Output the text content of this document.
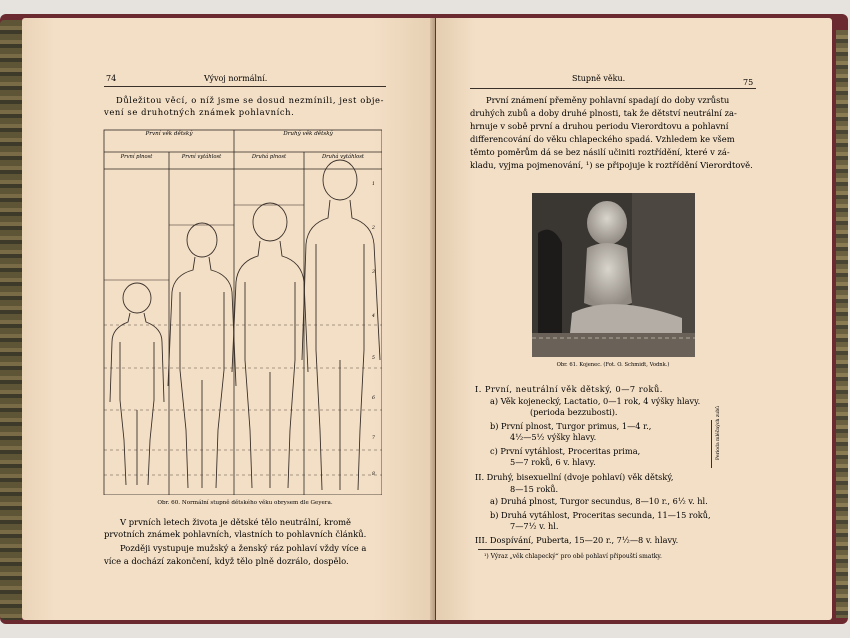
74	Vývoj normální.
Důležitou věcí, o níž jsme se dosud nezmínili, jest obje-
vení se druhotných známek pohlavních.
První věk dětský	Druhý věk dětský
První plnost	První vytáhlost	Druhá plnost	Druhá vytáhlost
1
2
3
4
5
6
7
8
Obr. 60. Normální stupně dětského věku obrysem dle Geyera.
V prvních letech života je dětské tělo neutrální, kromě
prvotních známek pohlavních, vlastních to pohlavních článků.
Později vystupuje mužský a ženský ráz pohlaví vždy více a
více a dochází zakončení, když tělo plně dozrálo, dospělo.
Stupně věku.	75
První známení přeměny pohlavní spadají do doby vzrůstu
druhých zubů a doby druhé plnosti, tak že dětství neutrální za-
hrnuje v sobě první a druhou periodu Vierordtovu a pohlavní
differencování do věku chlapeckého spadá. Vzhledem ke všem
těmto poměrům dá se bez násilí učiniti roztřídění, které v zá-
kladu, vyjma pojmenování, ¹) se připojuje k roztřídění Vierordtově.
Obr. 61. Kojenec. (Fot. O. Schmidt, Vodnk.)
I. První, neutrální věk dětský, 0—7 roků.
a) Věk kojenecký, Lactatio, 0—1 rok, 4 výšky hlavy.
(perioda bezzubosti).
b) První plnost, Turgor primus, 1—4 r.,
4½—5½ výšky hlavy.
c) První vytáhlost, Proceritas prima,
5—7 roků, 6 v. hlavy.
II. Druhý, bisexuellní (dvoje pohlaví) věk dětský,
8—15 roků.
a) Druhá plnost, Turgor secundus, 8—10 r., 6½ v. hl.
b) Druhá vytáhlost, Proceritas secunda, 11—15 roků,
7—7½ v. hl.
III. Dospívání, Puberta, 15—20 r., 7½—8 v. hlavy.
Perioda mléčných zubů
¹) Výraz „věk chlapecký“ pro obě pohlaví připouští smatky.
